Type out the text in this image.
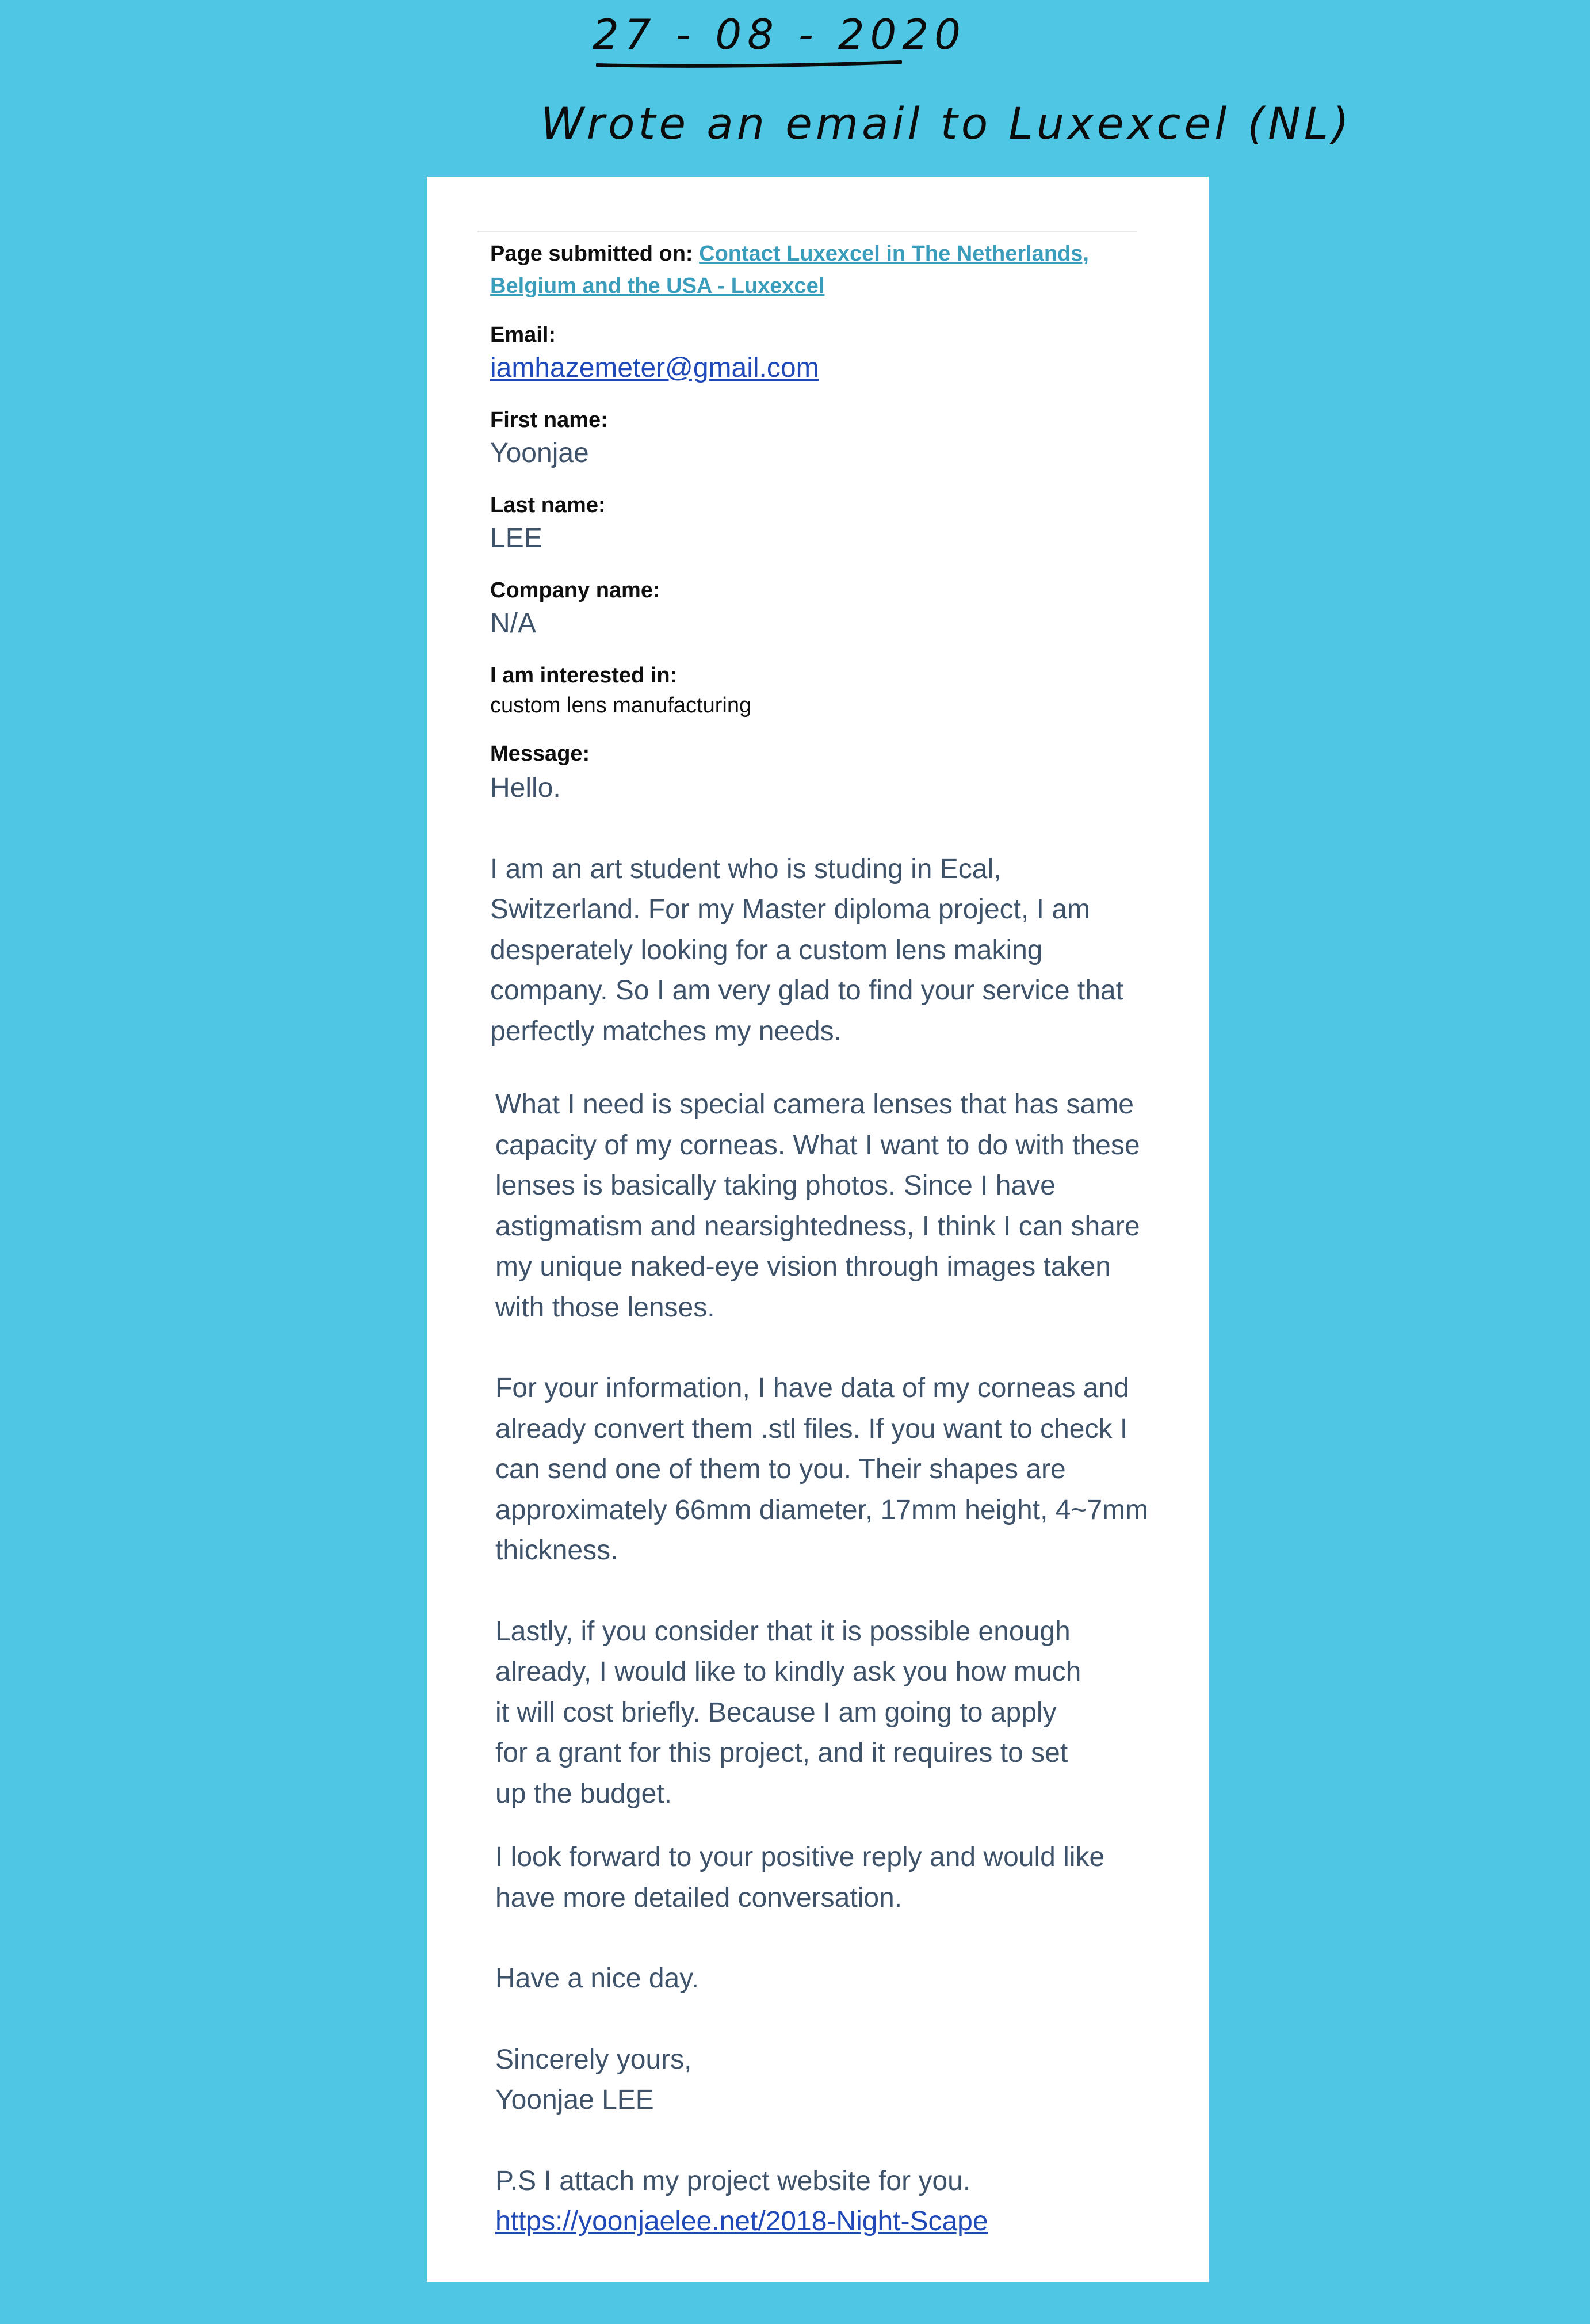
27 - 08 - 2020
Wrote an email to Luxexcel (NL)
Page submitted on: Contact Luxexcel in The Netherlands, Belgium and the USA - Luxexcel
Email:
iamhazemeter@gmail.com
First name:
Yoonjae
Last name:
LEE
Company name:
N/A
I am interested in:
custom lens manufacturing
Message:

Hello.

I am an art student who is studing in Ecal, Switzerland. For my Master diploma project, I am desperately looking for a custom lens making company. So I am very glad to find your service that perfectly matches my needs.

What I need is special camera lenses that has same capacity of my corneas. What I want to do with these lenses is basically taking photos. Since I have astigmatism and nearsightedness, I think I can share my unique naked-eye vision through images taken with those lenses.

For your information, I have data of my corneas and already convert them .stl files. If you want to check I can send one of them to you. Their shapes are approximately 66mm diameter, 17mm height, 4~7mm thickness.

Lastly, if you consider that it is possible enough already, I would like to kindly ask you how much it will cost briefly. Because I am going to apply for a grant for this project, and it requires to set up the budget.

I look forward to your positive reply and would like have more detailed conversation.

Have a nice day.

Sincerely yours,

Yoonjae LEE

P.S I attach my project website for you.

https://yoonjaelee.net/2018-Night-Scape
